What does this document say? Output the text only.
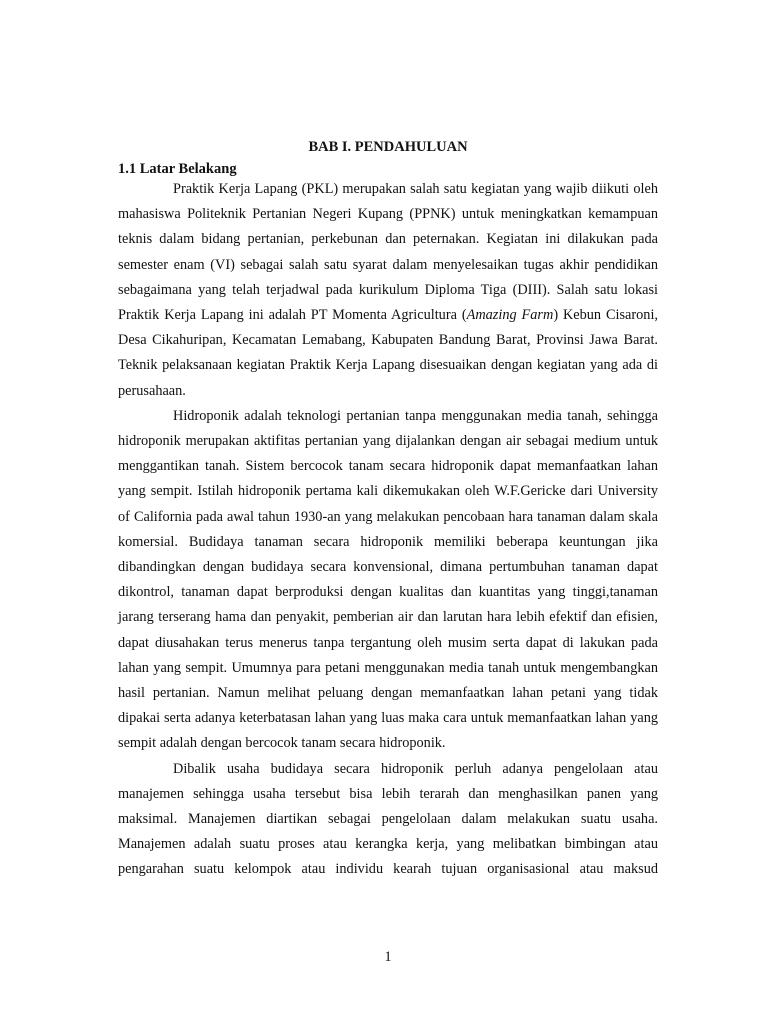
BAB I. PENDAHULUAN
1.1 Latar Belakang

Praktik Kerja Lapang (PKL) merupakan salah satu kegiatan yang wajib diikuti oleh mahasiswa Politeknik Pertanian Negeri Kupang (PPNK) untuk meningkatkan kemampuan teknis dalam bidang pertanian, perkebunan dan peternakan. Kegiatan ini dilakukan pada semester enam (VI) sebagai salah satu syarat dalam menyelesaikan tugas akhir pendidikan sebagaimana yang telah terjadwal pada kurikulum Diploma Tiga (DIII). Salah satu lokasi Praktik Kerja Lapang ini adalah PT Momenta Agricultura (Amazing Farm) Kebun Cisaroni, Desa Cikahuripan, Kecamatan Lemabang, Kabupaten Bandung Barat, Provinsi Jawa Barat. Teknik pelaksanaan kegiatan Praktik Kerja Lapang disesuaikan dengan kegiatan yang ada di perusahaan.

Hidroponik adalah teknologi pertanian tanpa menggunakan media tanah, sehingga hidroponik merupakan aktifitas pertanian yang dijalankan dengan air sebagai medium untuk menggantikan tanah. Sistem bercocok tanam secara hidroponik dapat memanfaatkan lahan yang sempit. Istilah hidroponik pertama kali dikemukakan oleh W.F.Gericke dari University of California pada awal tahun 1930-an yang melakukan pencobaan hara tanaman dalam skala komersial. Budidaya tanaman secara hidroponik memiliki beberapa keuntungan jika dibandingkan dengan budidaya secara konvensional, dimana pertumbuhan tanaman dapat dikontrol, tanaman dapat berproduksi dengan kualitas dan kuantitas yang tinggi,tanaman jarang terserang hama dan penyakit, pemberian air dan larutan hara lebih efektif dan efisien, dapat diusahakan terus menerus tanpa tergantung oleh musim serta dapat di lakukan pada lahan yang sempit. Umumnya para petani menggunakan media tanah untuk mengembangkan hasil pertanian. Namun melihat peluang dengan memanfaatkan lahan petani yang tidak dipakai serta adanya keterbatasan lahan yang luas maka cara untuk memanfaatkan lahan yang sempit adalah dengan bercocok tanam secara hidroponik.

Dibalik usaha budidaya secara hidroponik perluh adanya pengelolaan atau manajemen sehingga usaha tersebut bisa lebih terarah dan menghasilkan panen yang maksimal. Manajemen diartikan sebagai pengelolaan dalam melakukan suatu usaha. Manajemen adalah suatu proses atau kerangka kerja, yang melibatkan bimbingan atau pengarahan suatu kelompok atau individu kearah tujuan organisasional atau maksud

1
